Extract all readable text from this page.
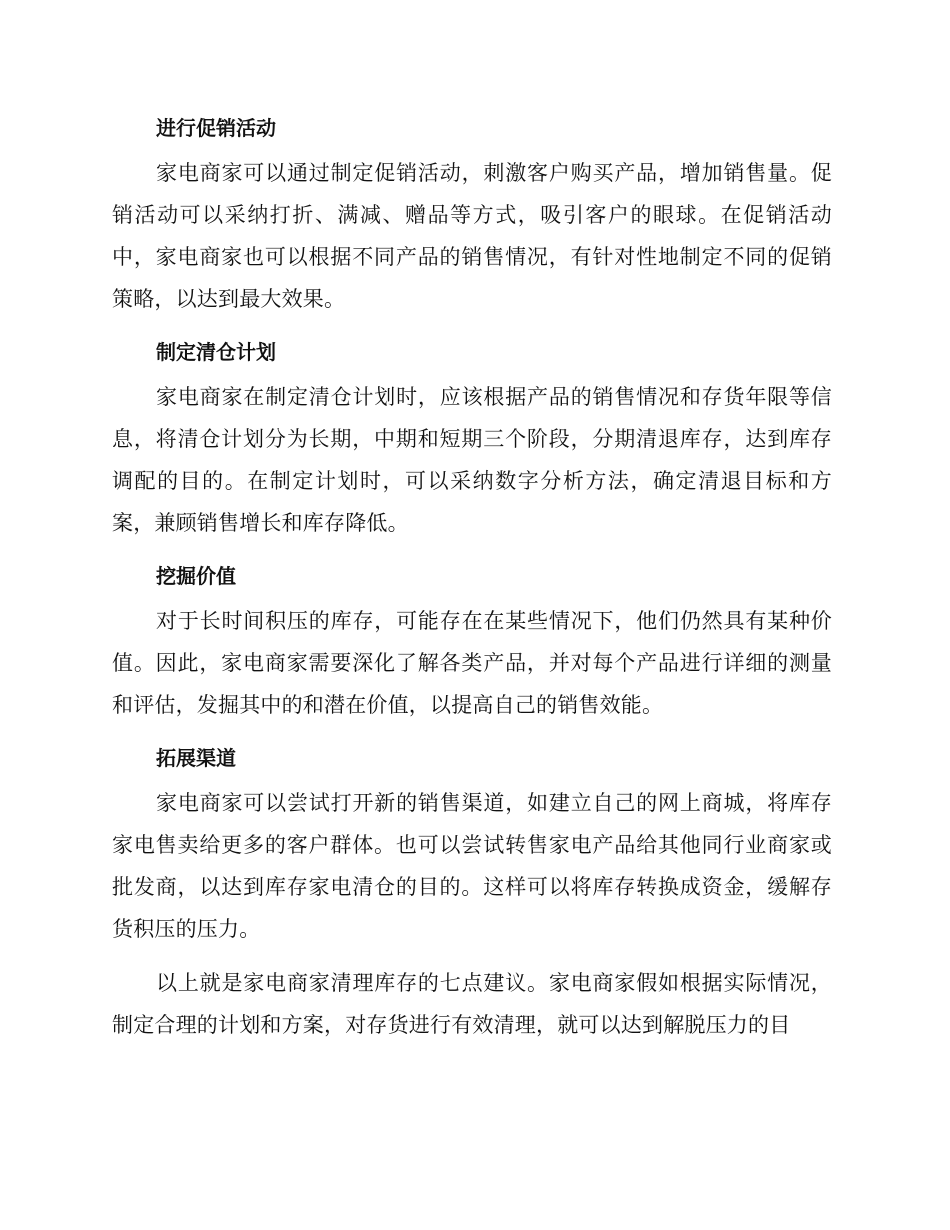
进行促销活动

家电商家可以通过制定促销活动，刺激客户购买产品，增加销售量。促销活动可以采纳打折、满减、赠品等方式，吸引客户的眼球。在促销活动中，家电商家也可以根据不同产品的销售情况，有针对性地制定不同的促销策略，以达到最大效果。

制定清仓计划

家电商家在制定清仓计划时，应该根据产品的销售情况和存货年限等信息，将清仓计划分为长期，中期和短期三个阶段，分期清退库存，达到库存调配的目的。在制定计划时，可以采纳数字分析方法，确定清退目标和方案，兼顾销售增长和库存降低。

挖掘价值

对于长时间积压的库存，可能存在在某些情况下，他们仍然具有某种价值。因此，家电商家需要深化了解各类产品，并对每个产品进行详细的测量和评估，发掘其中的和潜在价值，以提高自己的销售效能。

拓展渠道

家电商家可以尝试打开新的销售渠道，如建立自己的网上商城，将库存家电售卖给更多的客户群体。也可以尝试转售家电产品给其他同行业商家或批发商，以达到库存家电清仓的目的。这样可以将库存转换成资金，缓解存货积压的压力。

以上就是家电商家清理库存的七点建议。家电商家假如根据实际情况，制定合理的计划和方案，对存货进行有效清理，就可以达到解脱压力的目
